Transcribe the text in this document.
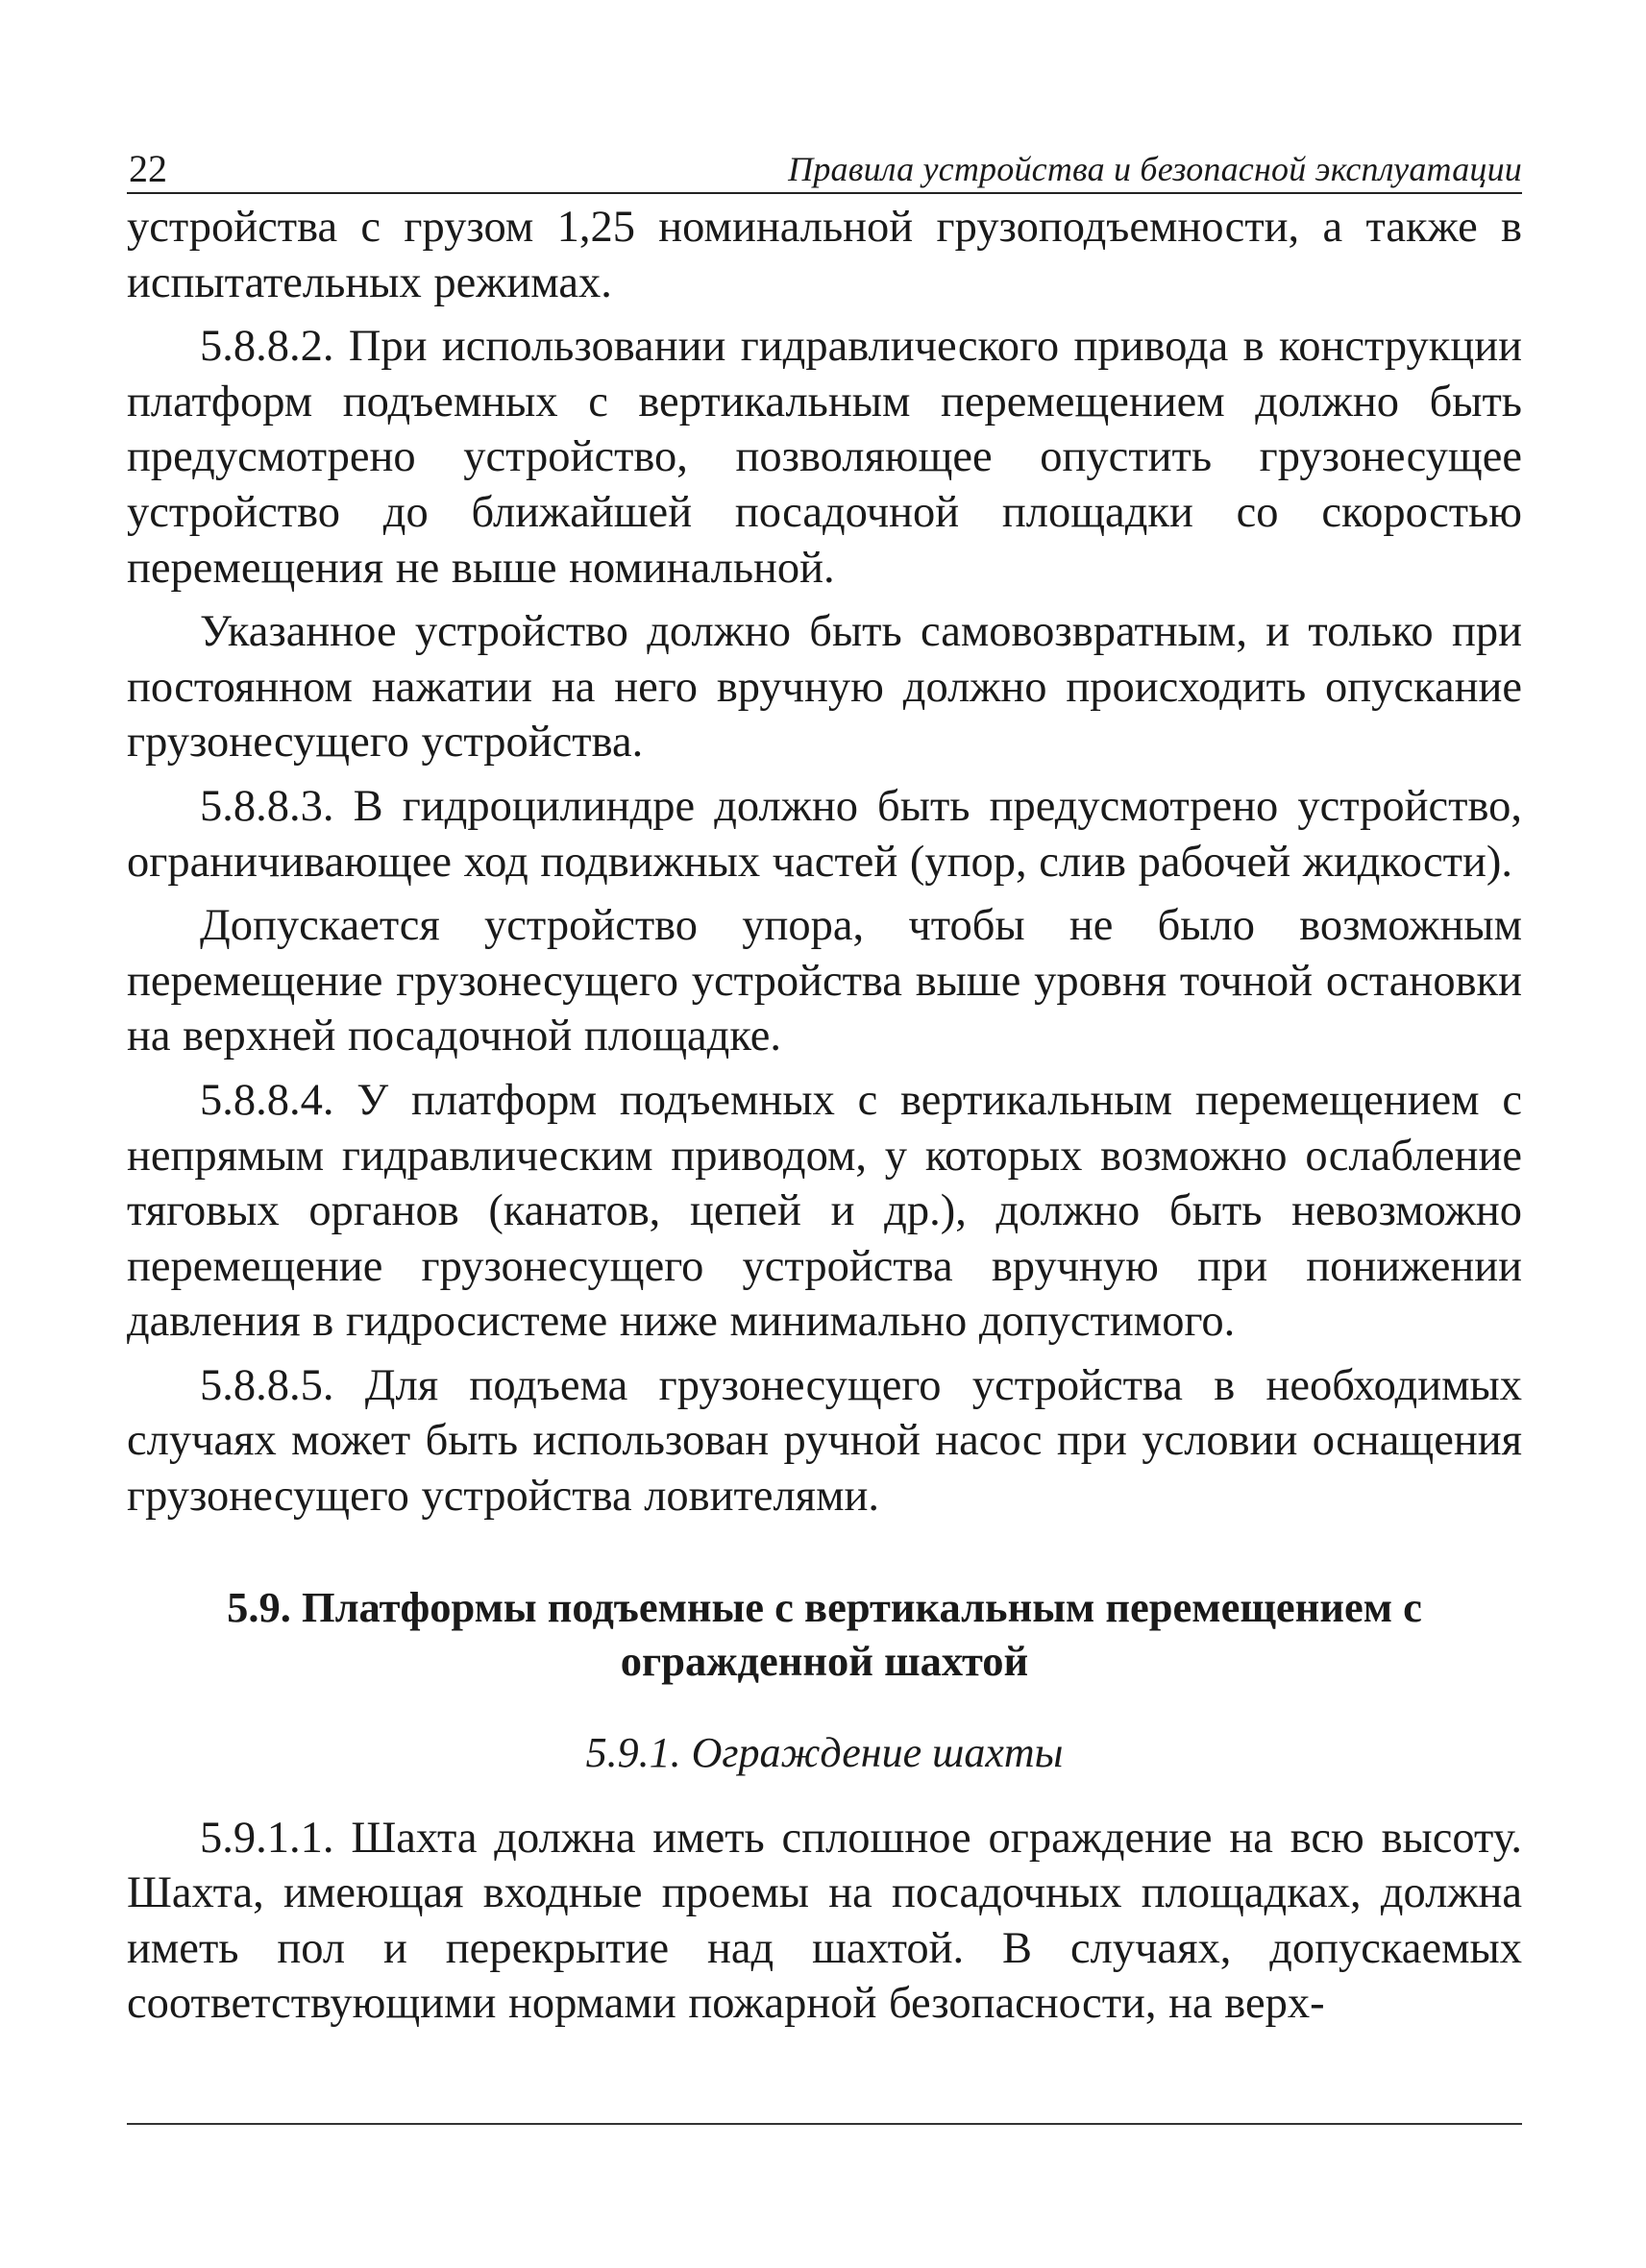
22	Правила устройства и безопасной эксплуатации

устройства с грузом 1,25 номинальной грузоподъемности, а также в испытательных режимах.

5.8.8.2. При использовании гидравлического привода в конструкции платформ подъемных с вертикальным перемещением должно быть предусмотрено устройство, позволяющее опустить грузонесущее устройство до ближайшей посадочной площадки со скоростью перемещения не выше номинальной.

Указанное устройство должно быть самовозвратным, и только при постоянном нажатии на него вручную должно происходить опускание грузонесущего устройства.

5.8.8.3. В гидроцилиндре должно быть предусмотрено устройство, ограничивающее ход подвижных частей (упор, слив рабочей жидкости).

Допускается устройство упора, чтобы не было возможным перемещение грузонесущего устройства выше уровня точной остановки на верхней посадочной площадке.

5.8.8.4. У платформ подъемных с вертикальным перемещением с непрямым гидравлическим приводом, у которых возможно ослабление тяговых органов (канатов, цепей и др.), должно быть невозможно перемещение грузонесущего устройства вручную при понижении давления в гидросистеме ниже минимально допустимого.

5.8.8.5. Для подъема грузонесущего устройства в необходимых случаях может быть использован ручной насос при условии оснащения грузонесущего устройства ловителями.

5.9. Платформы подъемные с вертикальным перемещением с огражденной шахтой
5.9.1. Ограждение шахты

5.9.1.1. Шахта должна иметь сплошное ограждение на всю высоту. Шахта, имеющая входные проемы на посадочных площадках, должна иметь пол и перекрытие над шахтой. В случаях, допускаемых соответствующими нормами пожарной безопасности, на верх-
